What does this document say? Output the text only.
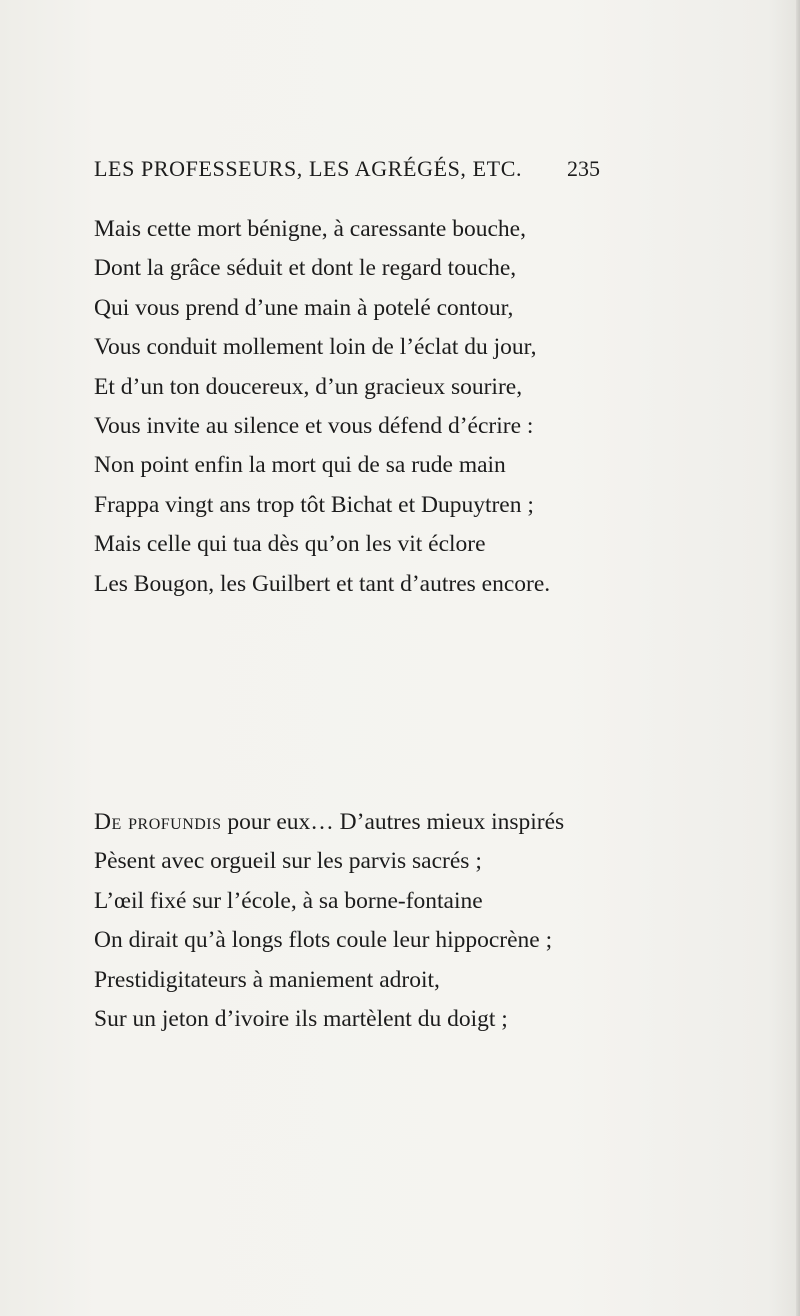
LES PROFESSEURS, LES AGRÉGÉS, ETC. 235
Mais cette mort bénigne, à caressante bouche,
Dont la grâce séduit et dont le regard touche,
Qui vous prend d’une main à potelé contour,
Vous conduit mollement loin de l’éclat du jour,
Et d’un ton doucereux, d’un gracieux sourire,
Vous invite au silence et vous défend d’écrire :
Non point enfin la mort qui de sa rude main
Frappa vingt ans trop tôt Bichat et Dupuytren ;
Mais celle qui tua dès qu’on les vit éclore
Les Bougon, les Guilbert et tant d’autres encore.
De profundis pour eux… D’autres mieux inspirés
Pèsent avec orgueil sur les parvis sacrés ;
L’œil fixé sur l’école, à sa borne-fontaine
On dirait qu’à longs flots coule leur hippocrène ;
Prestidigitateurs à maniement adroit,
Sur un jeton d’ivoire ils martèlent du doigt ;
